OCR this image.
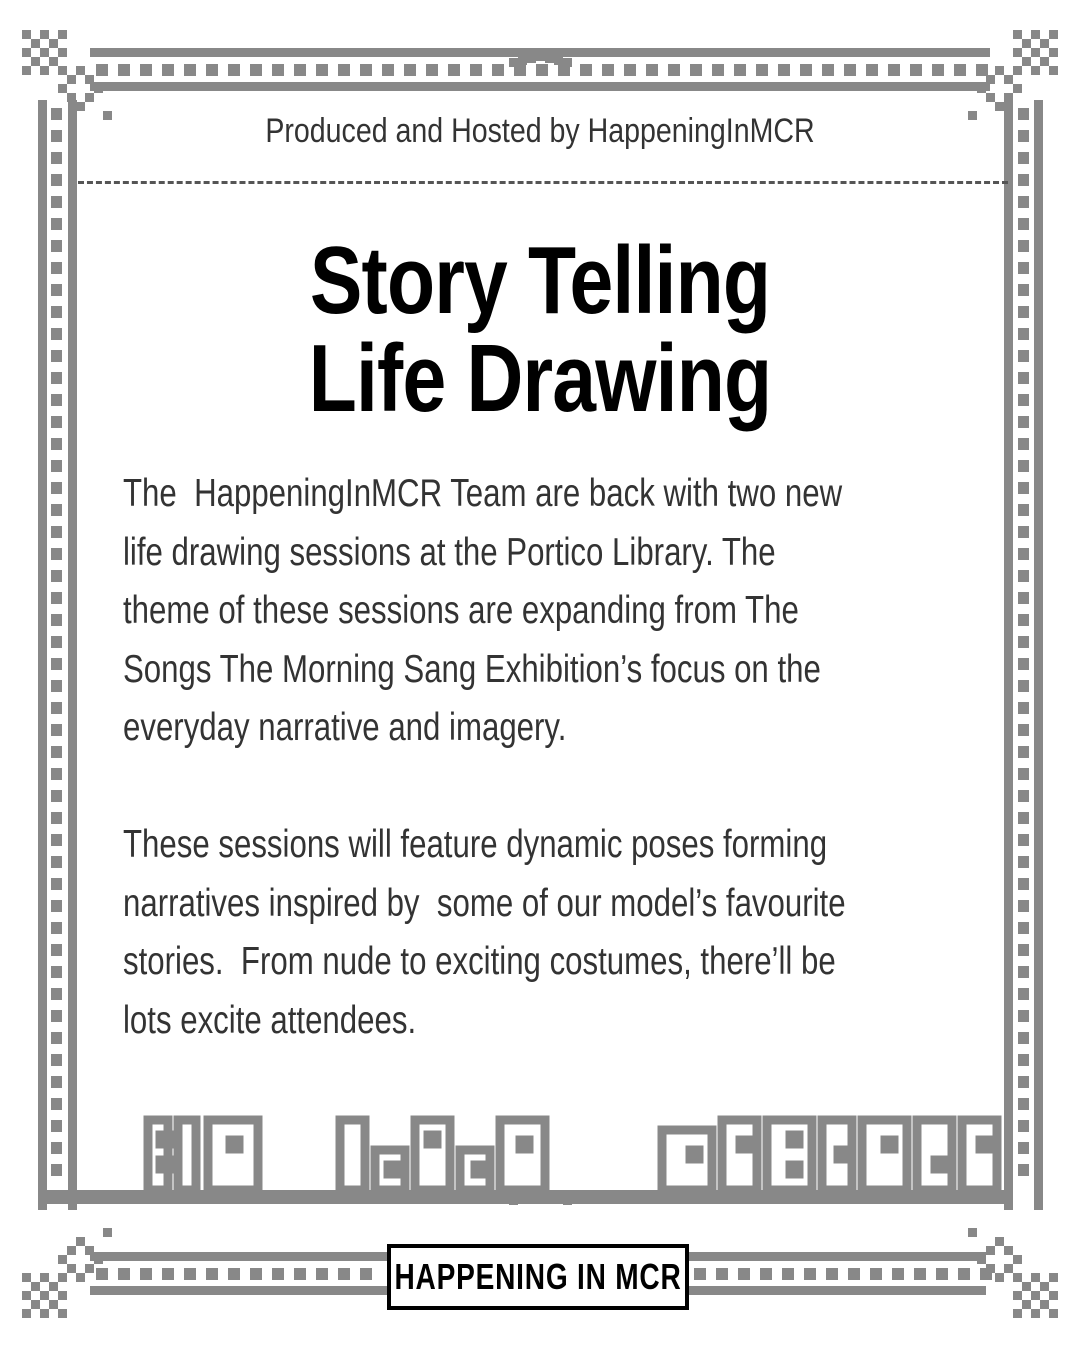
Produced and Hosted by HappeningInMCR
Story Telling
Life Drawing
The  HappeningInMCR Team are back with two new
life drawing sessions at the Portico Library. The
theme of these sessions are expanding from The
Songs The Morning Sang Exhibition’s focus on the
everyday narrative and imagery.
These sessions will feature dynamic poses forming
narratives inspired by  some of our model’s favourite
stories.  From nude to exciting costumes, there’ll be
lots excite attendees.
HAPPENING IN MCR
